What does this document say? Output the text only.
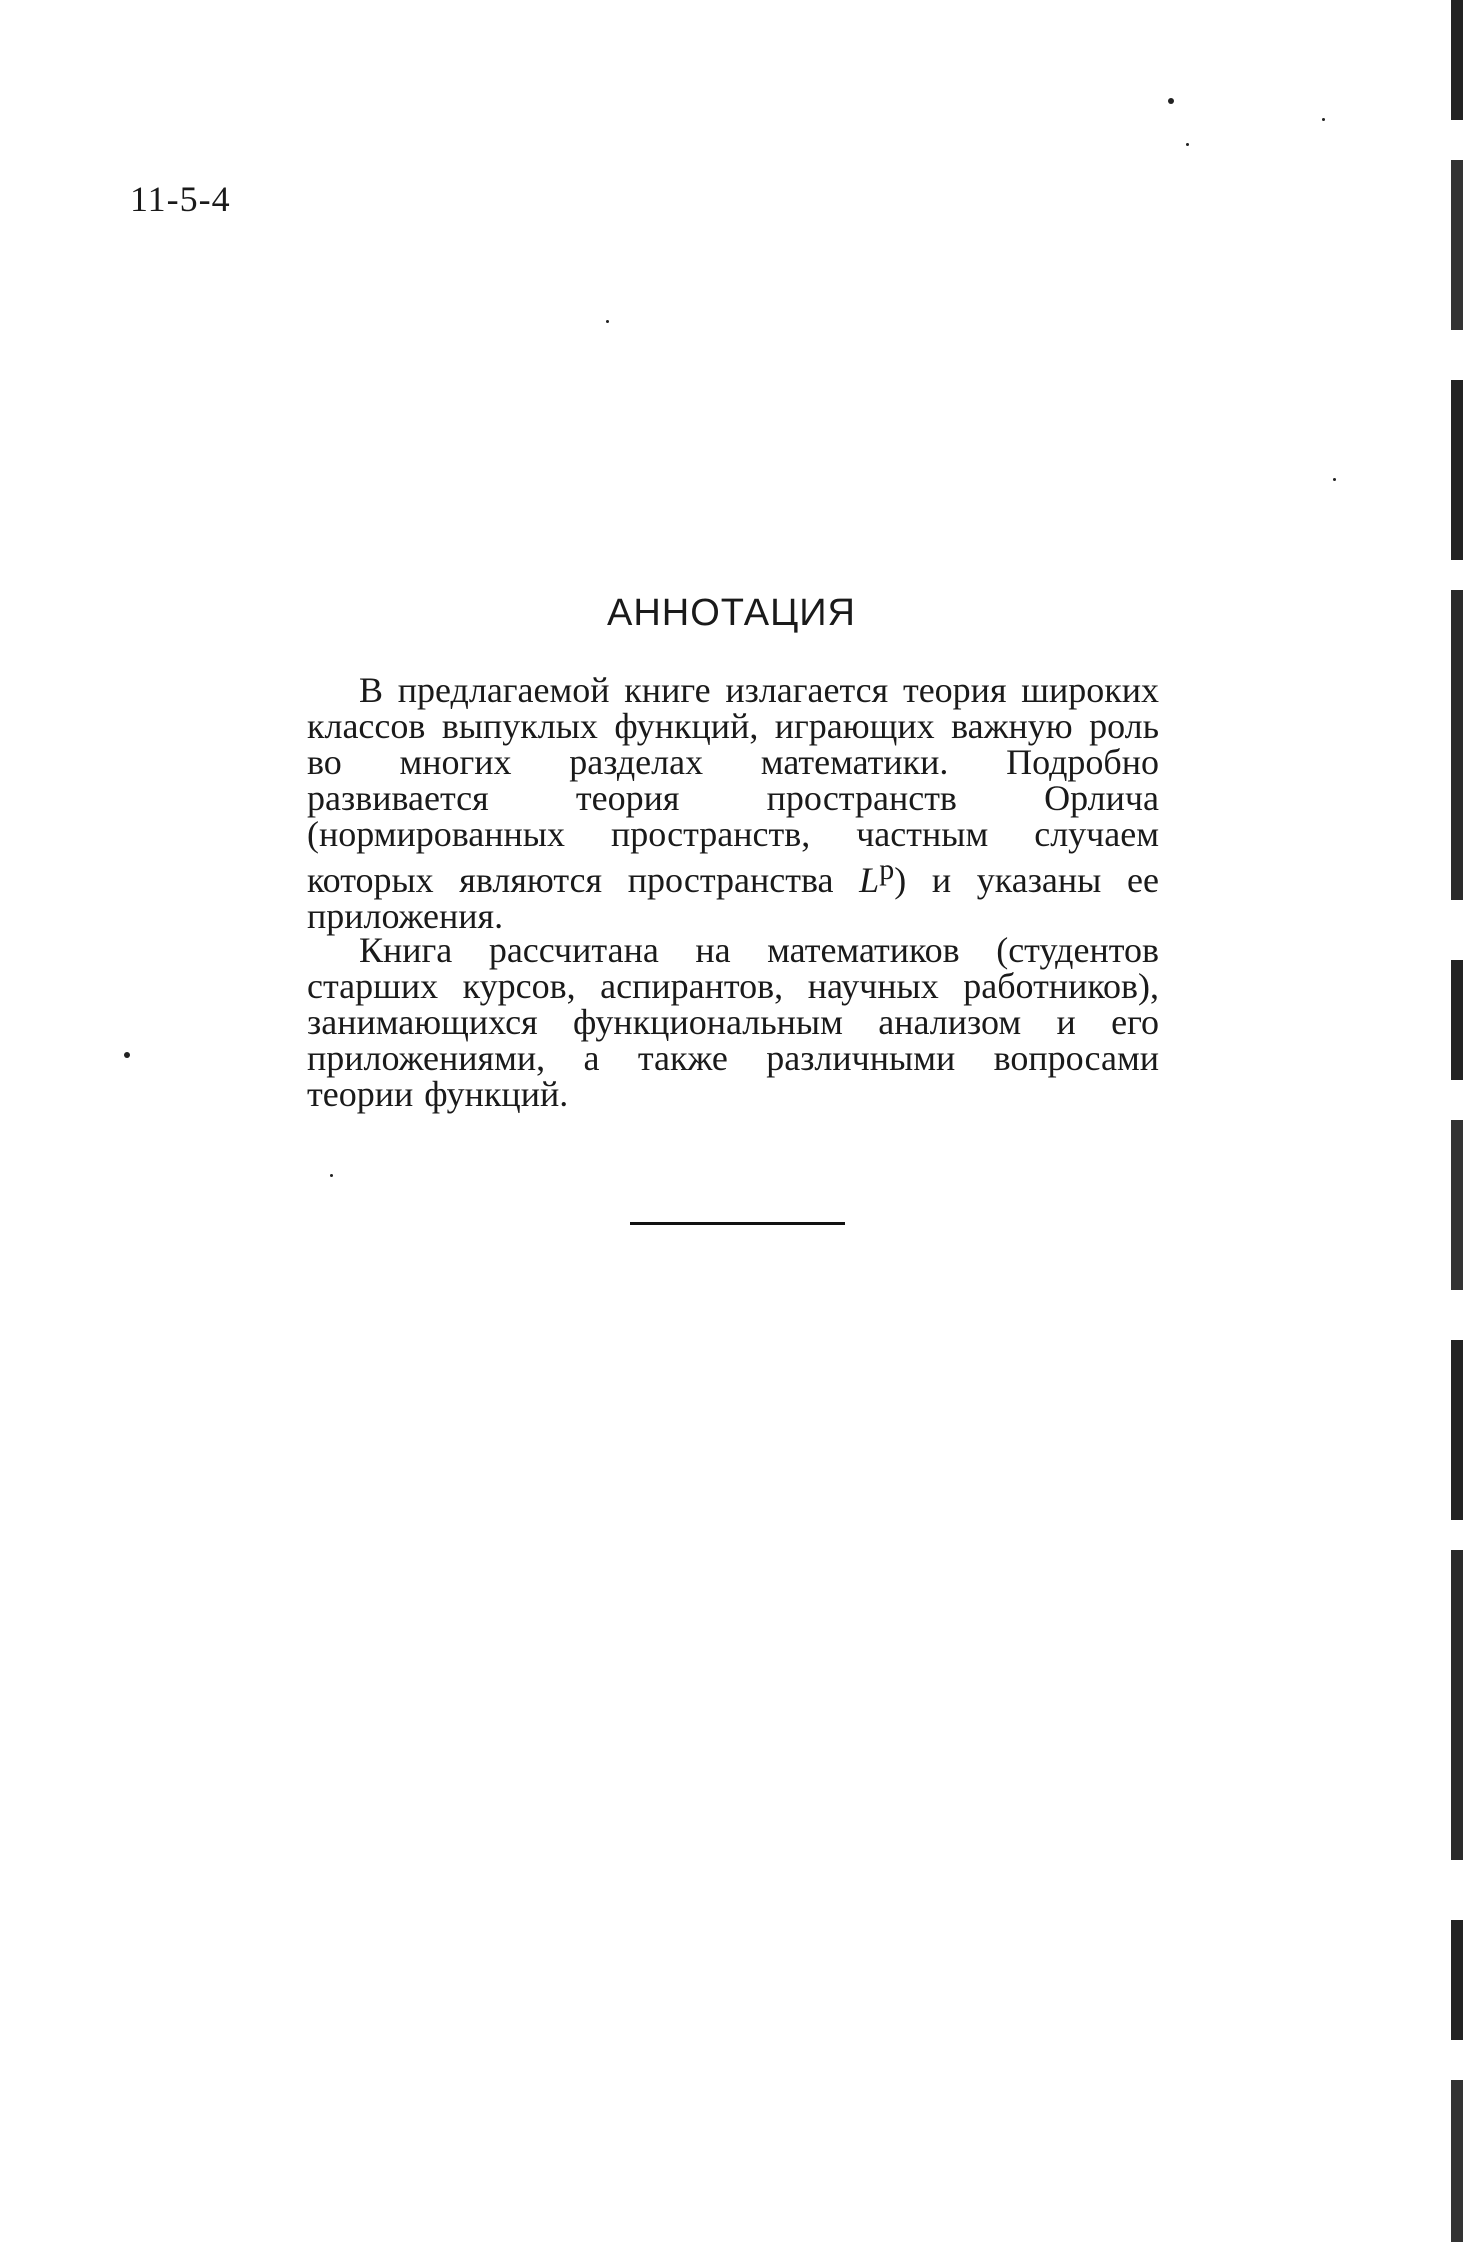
11-5-4
АННОТАЦИЯ

В предлагаемой книге излагается теория широких классов выпуклых функций, играющих важную роль во многих разделах математики. Подробно развивается теория пространств Орлича (нормированных пространств, частным случаем которых являются пространства $L^p$) и указаны ее приложения.

Книга рассчитана на математиков (студентов старших курсов, аспирантов, научных работников), занимающихся функциональным анализом и его приложениями, а также различными вопросами теории функций.
